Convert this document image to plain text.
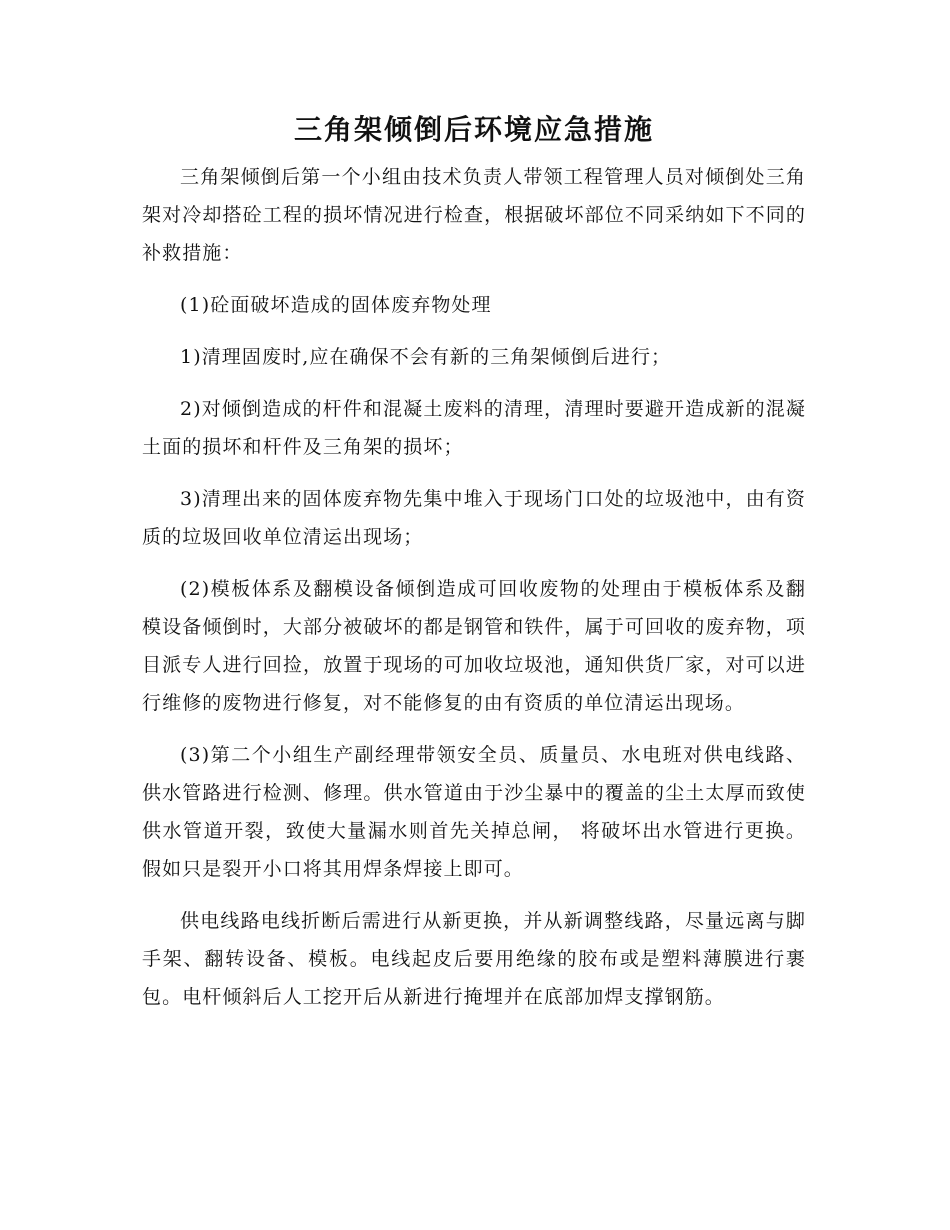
三角架倾倒后环境应急措施

三角架倾倒后第一个小组由技术负责人带领工程管理人员对倾倒处三角架对冷却搭砼工程的损坏情况进行检查，根据破坏部位不同采纳如下不同的补救措施：

(1)砼面破坏造成的固体废弃物处理

1)清理固废时,应在确保不会有新的三角架倾倒后进行；

2)对倾倒造成的杆件和混凝土废料的清理，清理时要避开造成新的混凝土面的损坏和杆件及三角架的损坏；

3)清理出来的固体废弃物先集中堆入于现场门口处的垃圾池中，由有资质的垃圾回收单位清运出现场；

(2)模板体系及翻模设备倾倒造成可回收废物的处理由于模板体系及翻模设备倾倒时，大部分被破坏的都是钢管和铁件，属于可回收的废弃物，项目派专人进行回捡，放置于现场的可加收垃圾池，通知供货厂家，对可以进行维修的废物进行修复，对不能修复的由有资质的单位清运出现场。

(3)第二个小组生产副经理带领安全员、质量员、水电班对供电线路、供水管路进行检测、修理。供水管道由于沙尘暴中的覆盖的尘土太厚而致使供水管道开裂，致使大量漏水则首先关掉总闸， 将破坏出水管进行更换。 假如只是裂开小口将其用焊条焊接上即可。

供电线路电线折断后需进行从新更换，并从新调整线路，尽量远离与脚手架、翻转设备、模板。电线起皮后要用绝缘的胶布或是塑料薄膜进行裹包。电杆倾斜后人工挖开后从新进行掩埋并在底部加焊支撑钢筋。
